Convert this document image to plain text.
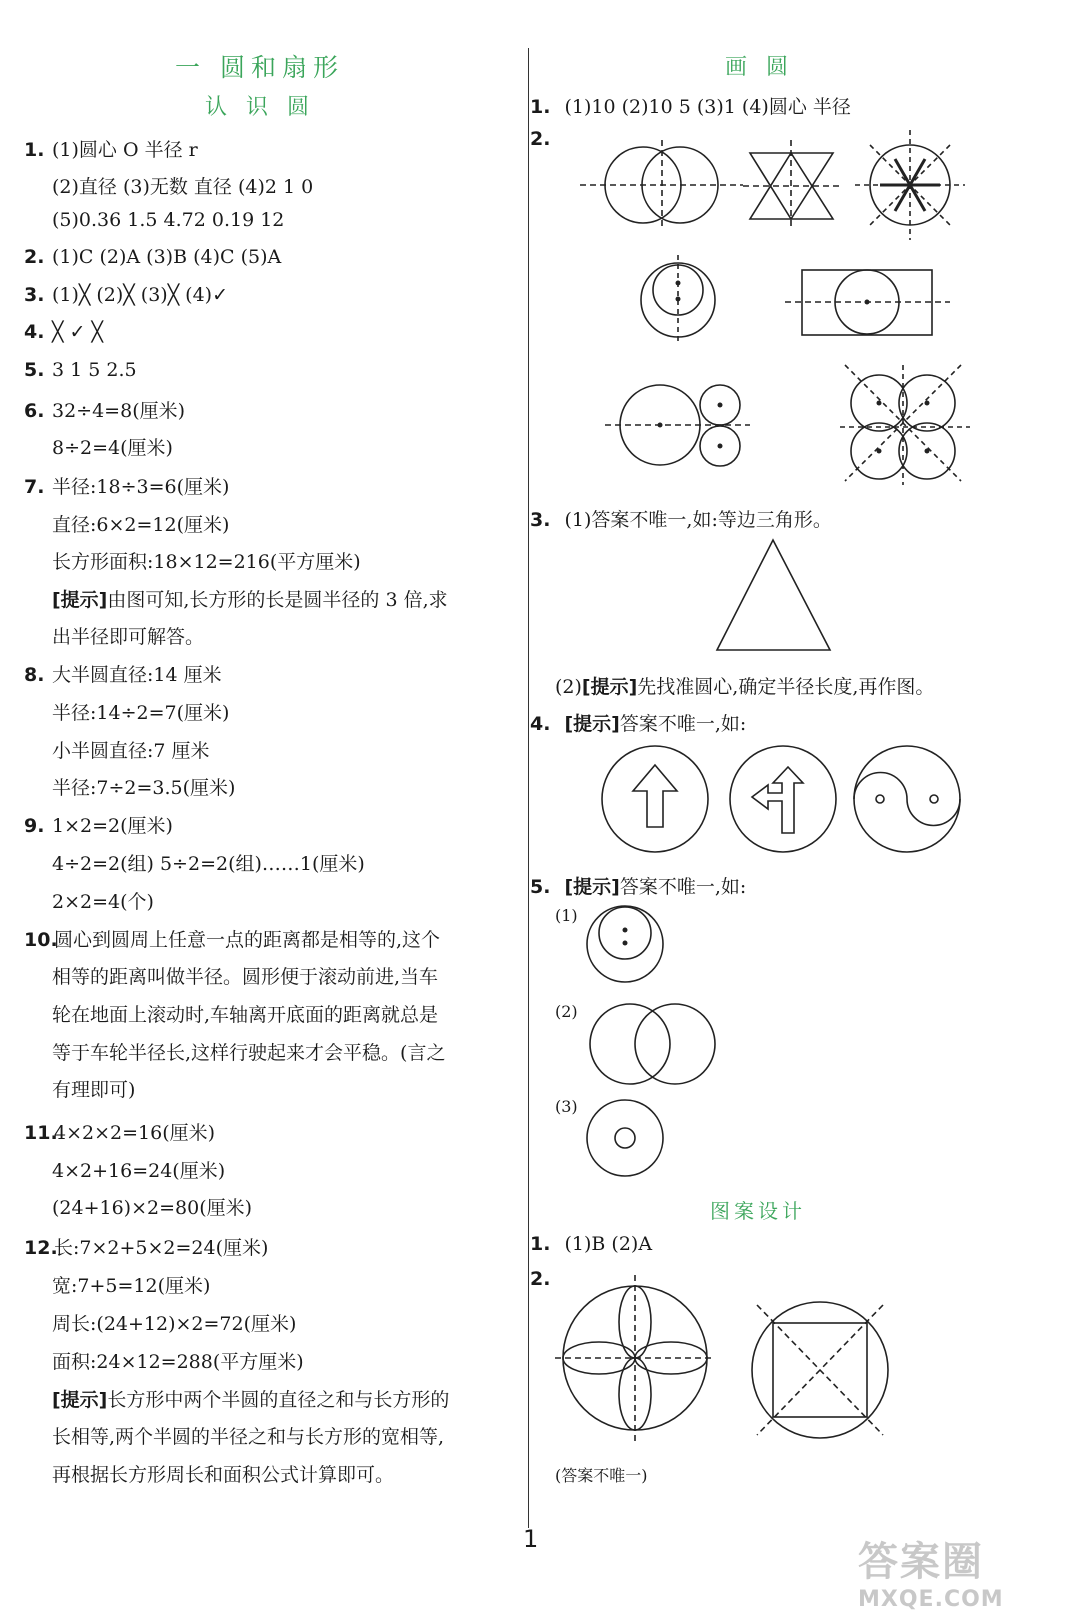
一 圆和扇形
认 识 圆
1. (1)圆心 O 半径 r
(2)直径 (3)无数 直径 (4)2 1 0
(5)0.36 1.5 4.72 0.19 12
2. (1)C (2)A (3)B (4)C (5)A
3. (1)╳ (2)╳ (3)╳ (4)✓
4. ╳ ✓ ╳
5. 3 1 5 2.5
6. 32÷4=8(厘米)
8÷2=4(厘米)
7. 半径:18÷3=6(厘米)
直径:6×2=12(厘米)
长方形面积:18×12=216(平方厘米)
[提示]由图可知,长方形的长是圆半径的 3 倍,求
出半径即可解答。
8. 大半圆直径:14 厘米
半径:14÷2=7(厘米)
小半圆直径:7 厘米
半径:7÷2=3.5(厘米)
9. 1×2=2(厘米)
4÷2=2(组) 5÷2=2(组)……1(厘米)
2×2=4(个)
10.圆心到圆周上任意一点的距离都是相等的,这个
相等的距离叫做半径。圆形便于滚动前进,当车
轮在地面上滚动时,车轴离开底面的距离就总是
等于车轮半径长,这样行驶起来才会平稳。(言之
有理即可)
11.4×2×2=16(厘米)
4×2+16=24(厘米)
(24+16)×2=80(厘米)
12.长:7×2+5×2=24(厘米)
宽:7+5=12(厘米)
周长:(24+12)×2=72(厘米)
面积:24×12=288(平方厘米)
[提示]长方形中两个半圆的直径之和与长方形的
长相等,两个半圆的半径之和与长方形的宽相等,
再根据长方形周长和面积公式计算即可。
画 圆
1. (1)10 (2)10 5 (3)1 (4)圆心 半径
2.
3. (1)答案不唯一,如:等边三角形。
(2)[提示]先找准圆心,确定半径长度,再作图。
4. [提示]答案不唯一,如:
5. [提示]答案不唯一,如:
(1)
(2)
(3)
图案设计
1. (1)B (2)A
2.
(答案不唯一)
1	答案圈
MXQE.COM
